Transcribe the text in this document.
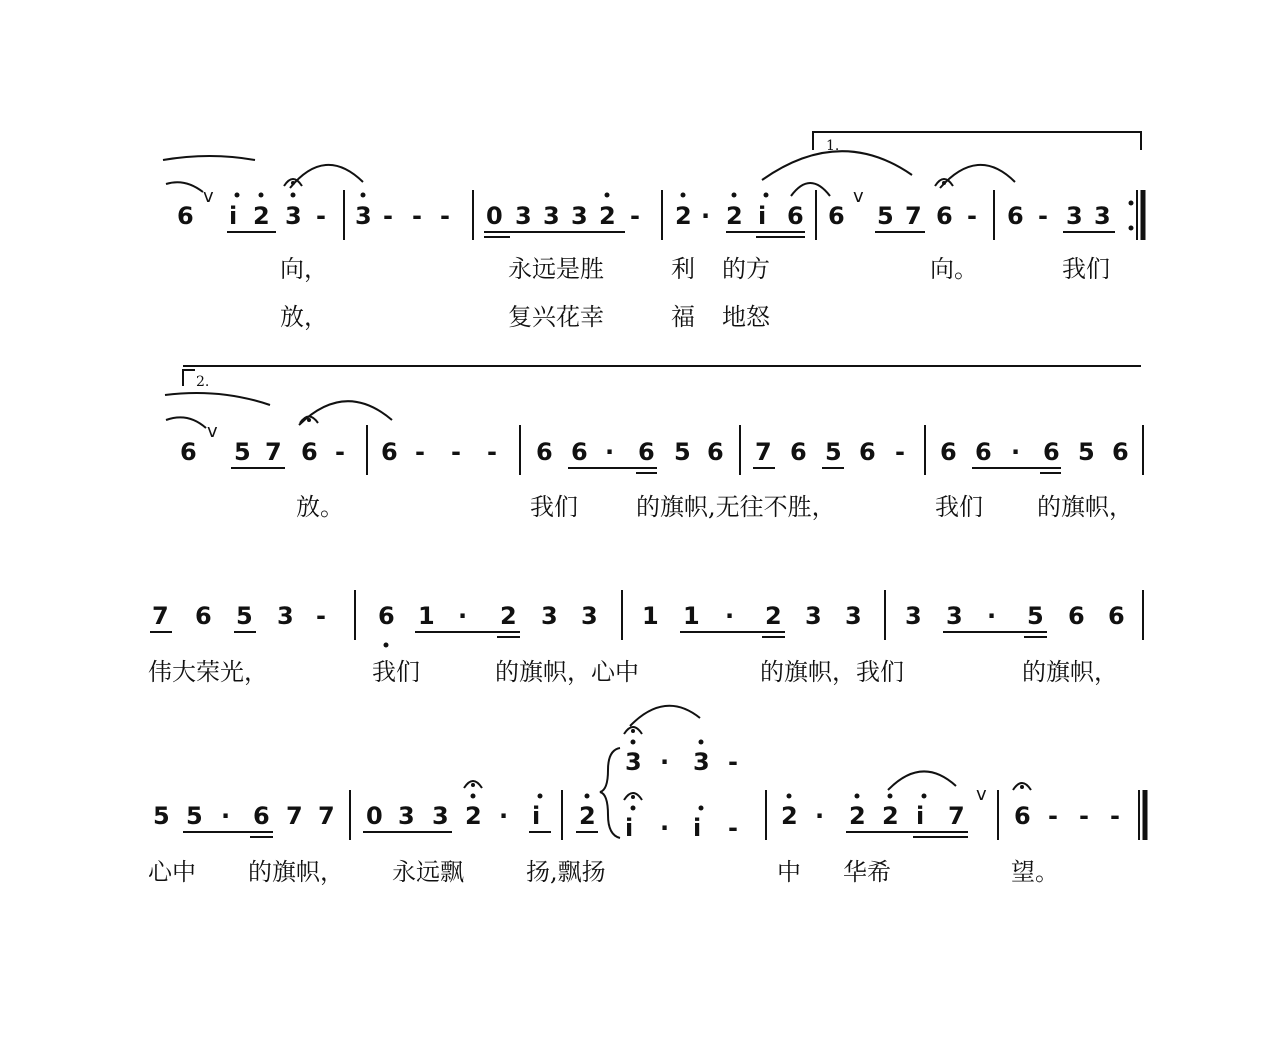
1.
6
v
i 2 3 - 3 - - - 0 3 3 3 2 - 2 · 2 i 6 6
v
5 7 6 - 6 - 3 3
向，	永远是胜	利 的方	向。	我们
放，	复兴花幸	福 地怒
2.
6
v
5 7 6 - 6 - - - 6 6 · 6 5 6 7 6 5 6 - 6 6 · 6 5 6
放。	我们 的旗帜,无往不胜，	我们 的旗帜，
7 6 5 3 - 6 1 · 2 3 3 1 1 · 2 3 3 3 3 · 5 6 6
伟大荣光，	我们	的旗帜，心中	的旗帜，我们	的旗帜，
5 5 · 6 7 7 0 3 3 2 · i 2
3 · 3 -
i · i - 2 · 2 2 i 7
v
6 - - -
心中 的旗帜， 永远飘	扬,飘扬	中 华希	望。
